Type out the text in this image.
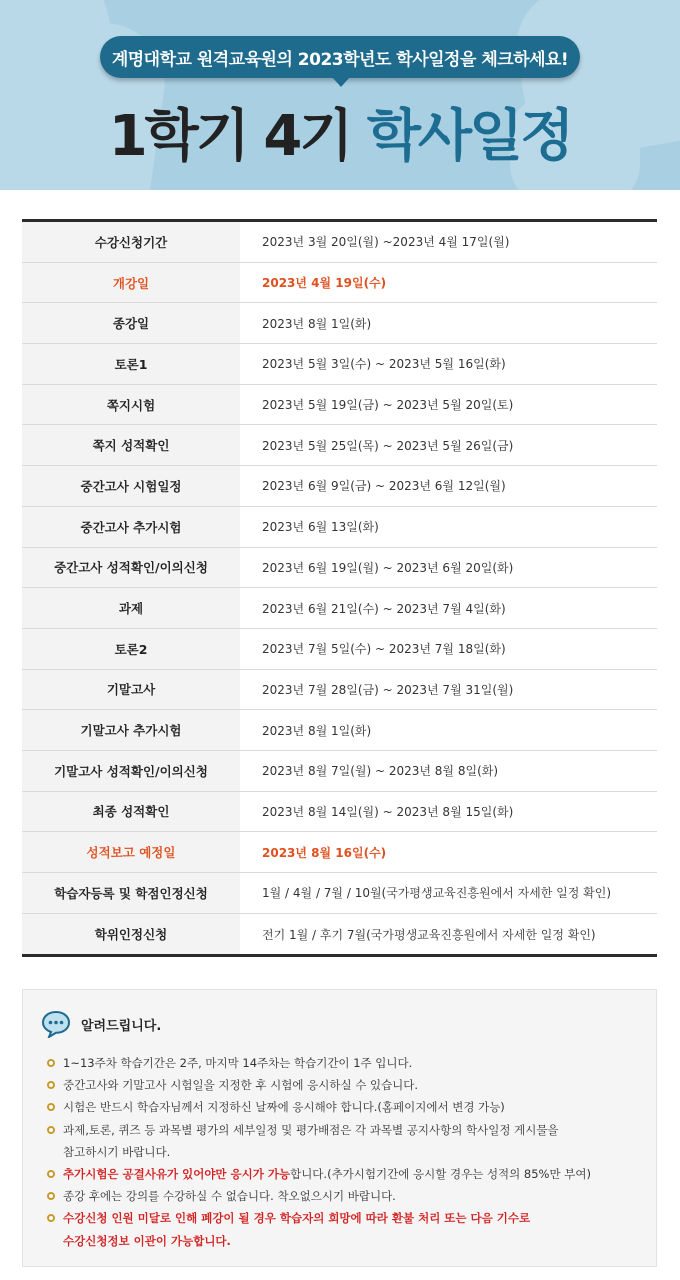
계명대학교 원격교육원의 2023학년도 학사일정을 체크하세요!
1학기 4기 학사일정
수강신청기간	2023년 3월 20일(월) ~2023년 4월 17일(월)
개강일	2023년 4월 19일(수)
종강일	2023년 8월 1일(화)
토론1	2023년 5월 3일(수) ~ 2023년 5월 16일(화)
쪽지시험	2023년 5월 19일(금) ~ 2023년 5월 20일(토)
쪽지 성적확인	2023년 5월 25일(목) ~ 2023년 5월 26일(금)
중간고사 시험일정	2023년 6월 9일(금) ~ 2023년 6월 12일(월)
중간고사 추가시험	2023년 6월 13일(화)
중간고사 성적확인/이의신청	2023년 6월 19일(월) ~ 2023년 6월 20일(화)
과제	2023년 6월 21일(수) ~ 2023년 7월 4일(화)
토론2	2023년 7월 5일(수) ~ 2023년 7월 18일(화)
기말고사	2023년 7월 28일(금) ~ 2023년 7월 31일(월)
기말고사 추가시험	2023년 8월 1일(화)
기말고사 성적확인/이의신청	2023년 8월 7일(월) ~ 2023년 8월 8일(화)
최종 성적확인	2023년 8월 14일(월) ~ 2023년 8월 15일(화)
성적보고 예정일	2023년 8월 16일(수)
학습자등록 및 학점인정신청	1월 / 4월 / 7월 / 10월(국가평생교육진흥원에서 자세한 일정 확인)
학위인정신청	전기 1월 / 후기 7월(국가평생교육진흥원에서 자세한 일정 확인)
알려드립니다.
1~13주차 학습기간은 2주, 마지막 14주차는 학습기간이 1주 입니다.
중간고사와 기말고사 시험일을 지정한 후 시험에 응시하실 수 있습니다.
시험은 반드시 학습자님께서 지정하신 날짜에 응시해야 합니다.(홈페이지에서 변경 가능)
과제,토론, 퀴즈 등 과목별 평가의 세부일정 및 평가배점은 각 과목별 공지사항의 학사일정 게시물을
참고하시기 바랍니다.
추가시험은 공결사유가 있어야만 응시가 가능합니다.(추가시험기간에 응시할 경우는 성적의 85%만 부여)
종강 후에는 강의를 수강하실 수 없습니다. 착오없으시기 바랍니다.
수강신청 인원 미달로 인해 폐강이 될 경우 학습자의 희망에 따라 환불 처리 또는 다음 기수로
수강신청정보 이관이 가능합니다.
